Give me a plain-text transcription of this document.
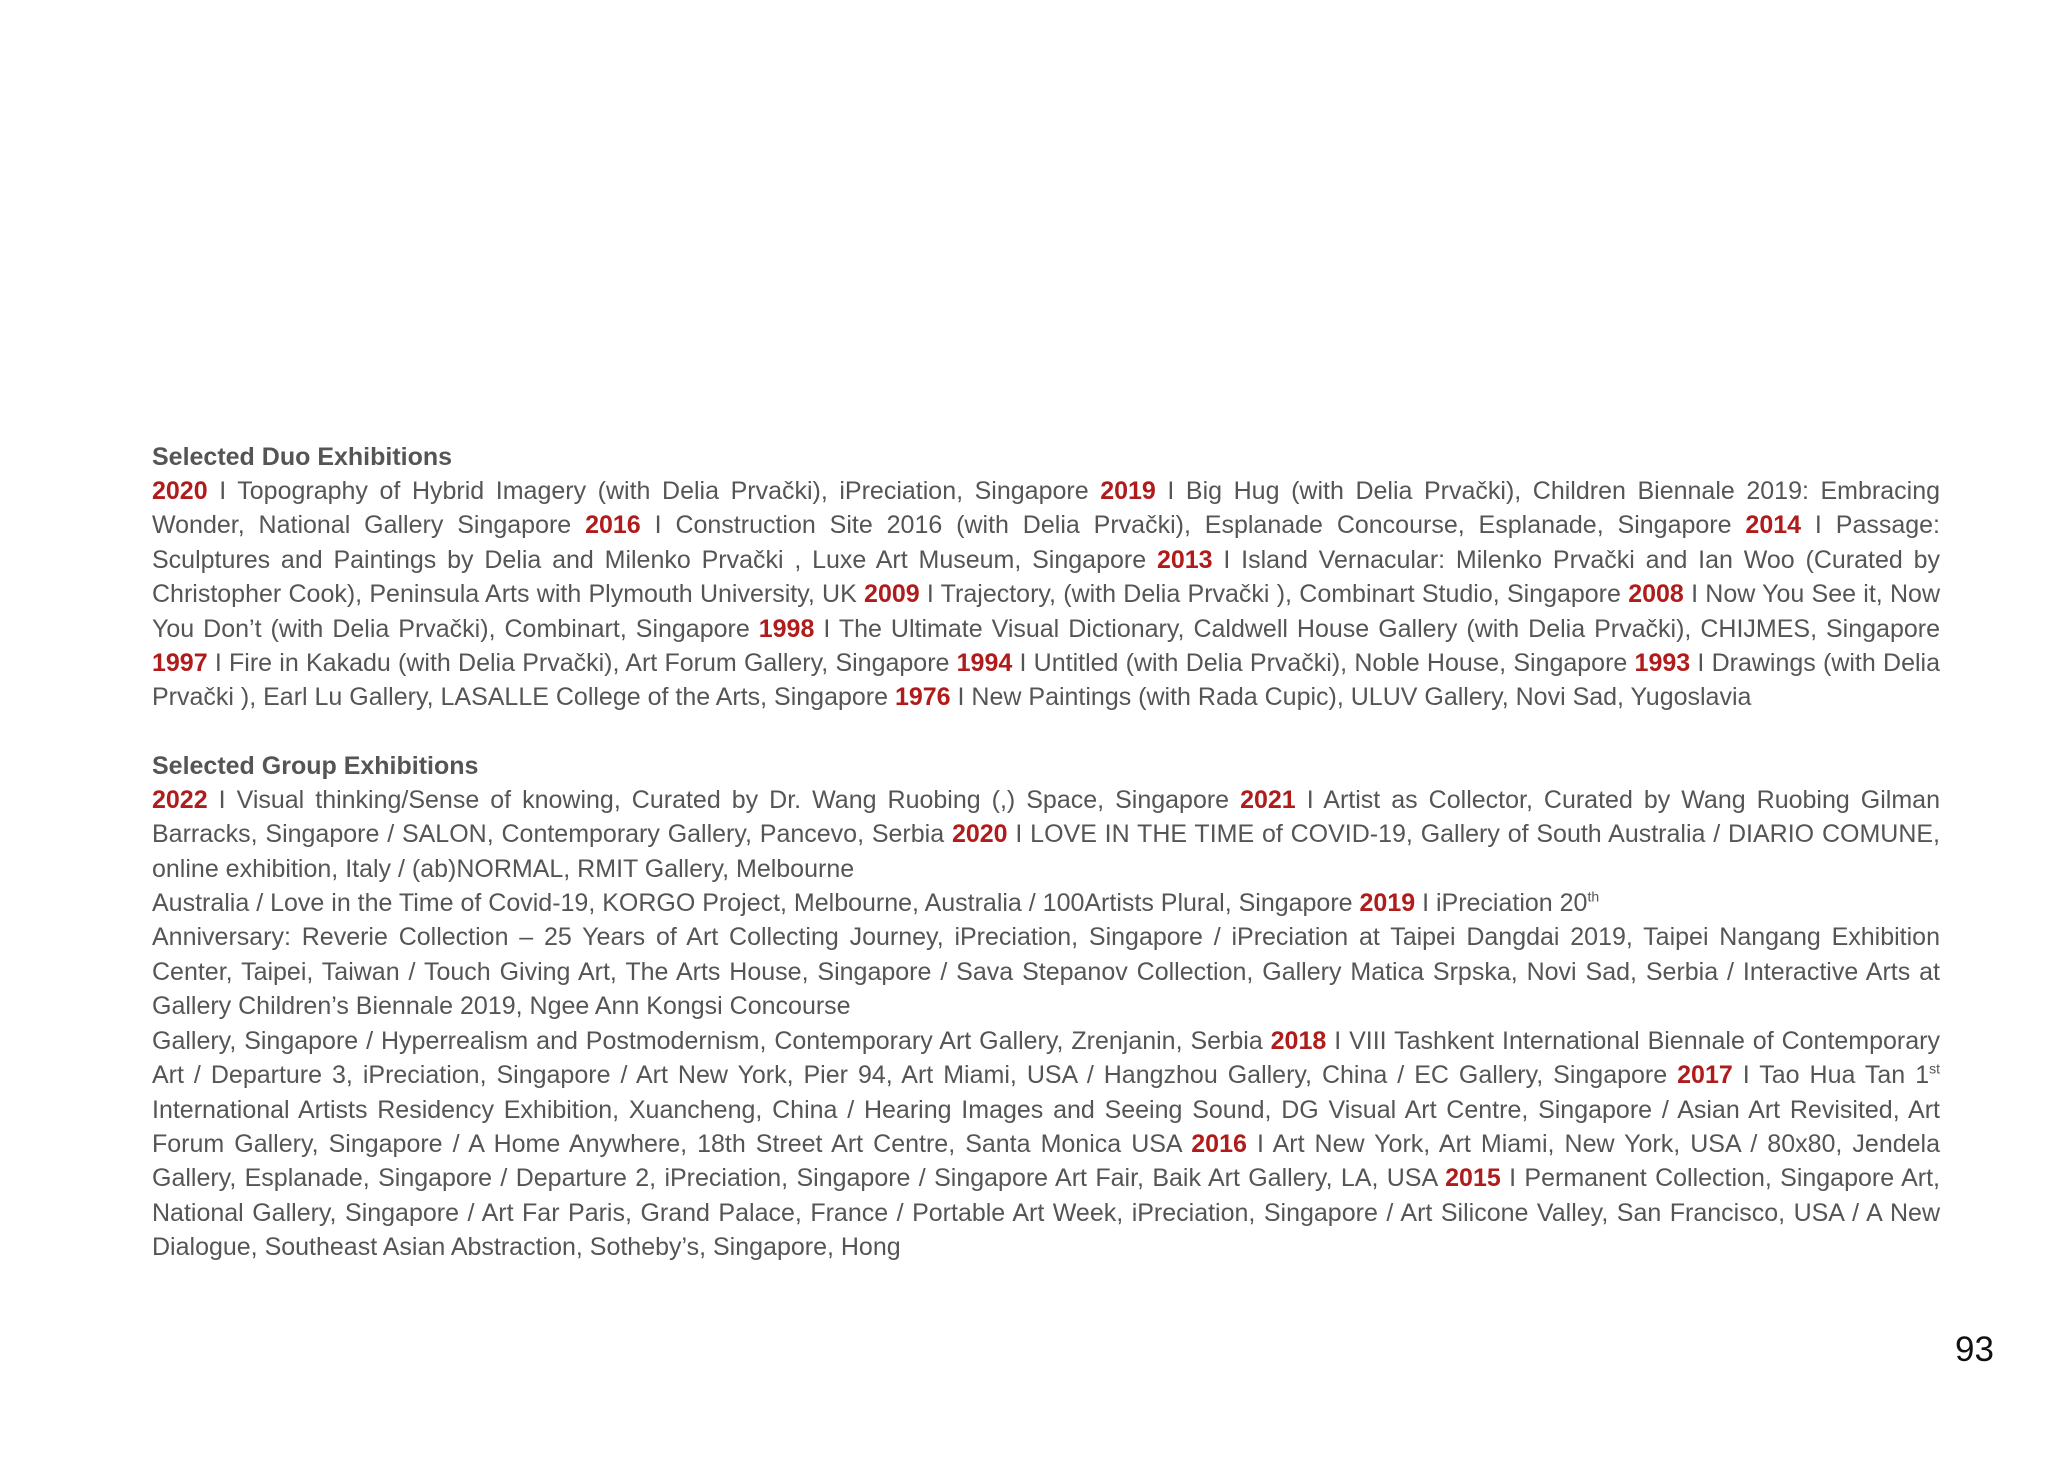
Selected Duo Exhibitions

2020 I Topography of Hybrid Imagery (with Delia Prvački), iPreciation, Singapore 2019 I Big Hug (with Delia Prvački), Children Biennale 2019: Embracing Wonder, National Gallery Singapore 2016 I Construction Site 2016 (with Delia Prvački), Esplanade Concourse, Esplanade, Singapore 2014 I Passage: Sculptures and Paintings by Delia and Milenko Prvački , Luxe Art Museum, Singapore 2013 I Island Vernacular: Milenko Prvački and Ian Woo (Curated by Christopher Cook), Peninsula Arts with Plymouth University, UK 2009 I Trajectory, (with Delia Prvački ), Combinart Studio, Singapore 2008 I Now You See it, Now You Don’t (with Delia Prvački), Combinart, Singapore 1998 I The Ultimate Visual Dictionary, Caldwell House Gallery (with Delia Prvački), CHIJMES, Singapore 1997 I Fire in Kakadu (with Delia Prvački), Art Forum Gallery, Singapore 1994 I Untitled (with Delia Prvački), Noble House, Singapore 1993 I Drawings (with Delia Prvački ), Earl Lu Gallery, LASALLE College of the Arts, Singapore 1976 I New Paintings (with Rada Cupic), ULUV Gallery, Novi Sad, Yugoslavia

Selected Group Exhibitions

2022 I Visual thinking/Sense of knowing, Curated by Dr. Wang Ruobing (,) Space, Singapore 2021 I Artist as Collector, Curated by Wang Ruobing Gilman Barracks, Singapore / SALON, Contemporary Gallery, Pancevo, Serbia 2020 I LOVE IN THE TIME of COVID-19, Gallery of South Australia / DIARIO COMUNE, online exhibition, Italy / (ab)NORMAL, RMIT Gallery, Melbourne

Australia / Love in the Time of Covid-19, KORGO Project, Melbourne, Australia / 100Artists Plural, Singapore 2019 I iPreciation 20th

Anniversary: Reverie Collection – 25 Years of Art Collecting Journey, iPreciation, Singapore / iPreciation at Taipei Dangdai 2019, Taipei Nangang Exhibition Center, Taipei, Taiwan / Touch Giving Art, The Arts House, Singapore / Sava Stepanov Collection, Gallery Matica Srpska, Novi Sad, Serbia / Interactive Arts at Gallery Children’s Biennale 2019, Ngee Ann Kongsi Concourse

Gallery, Singapore / Hyperrealism and Postmodernism, Contemporary Art Gallery, Zrenjanin, Serbia 2018 I VIII Tashkent International Biennale of Contemporary Art / Departure 3, iPreciation, Singapore / Art New York, Pier 94, Art Miami, USA / Hangzhou Gallery, China / EC Gallery, Singapore 2017 I Tao Hua Tan 1st International Artists Residency Exhibition, Xuancheng, China / Hearing Images and Seeing Sound, DG Visual Art Centre, Singapore / Asian Art Revisited, Art Forum Gallery, Singapore / A Home Anywhere, 18th Street Art Centre, Santa Monica USA 2016 I Art New York, Art Miami, New York, USA / 80x80, Jendela Gallery, Esplanade, Singapore / Departure 2, iPreciation, Singapore / Singapore Art Fair, Baik Art Gallery, LA, USA 2015 I Permanent Collection, Singapore Art, National Gallery, Singapore / Art Far Paris, Grand Palace, France / Portable Art Week, iPreciation, Singapore / Art Silicone Valley, San Francisco, USA / A New Dialogue, Southeast Asian Abstraction, Sotheby’s, Singapore, Hong

93
